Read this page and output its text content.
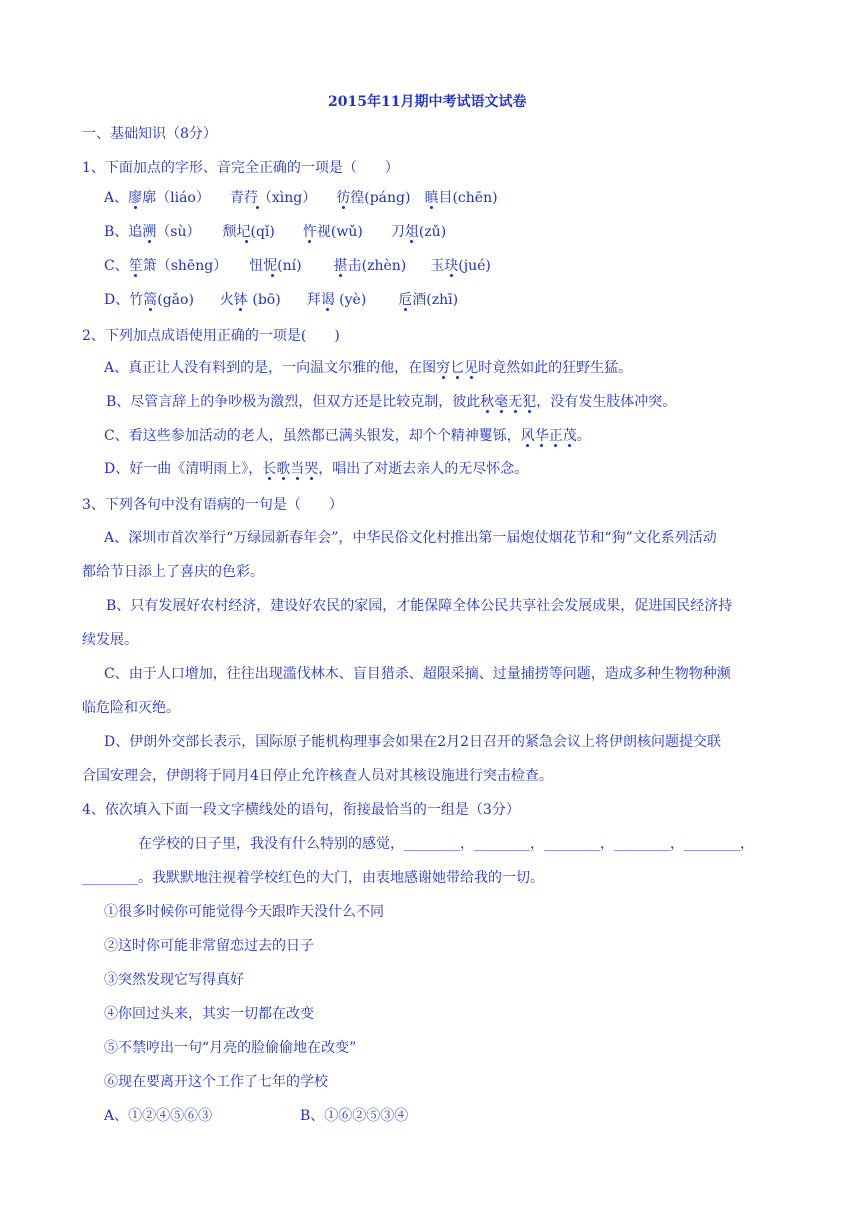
2015年11月期中考试语文试卷
一、基础知识（8分）
1、下面加点的字形、音完全正确的一项是（　　）
A、廖廓（liáo） 青荇（xìng） 彷徨(páng) 瞋目(chēn)
B、追溯（sù） 颓圮(qǐ) 忤视(wǔ) 刀俎(zǔ)
C、笙箫（shēng） 忸怩(ní) 揕击(zhèn) 玉玦(jué)
D、竹篙(gǎo) 火钵 (bō) 拜谒 (yè) 卮酒(zhī)
2、下列加点成语使用正确的一项是(　　)
A、真正让人没有料到的是，一向温文尔雅的他，在图穷匕见时竟然如此的狂野生猛。
B、尽管言辞上的争吵极为激烈，但双方还是比较克制，彼此秋毫无犯，没有发生肢体冲突。
C、看这些参加活动的老人，虽然都已满头银发，却个个精神矍铄，风华正茂。
D、好一曲《清明雨上》，长歌当哭，唱出了对逝去亲人的无尽怀念。
3、下列各句中没有语病的一句是（　　）
A、深圳市首次举行“万绿园新春年会”，中华民俗文化村推出第一届炮仗烟花节和“狗”文化系列活动
都给节日添上了喜庆的色彩。
B、只有发展好农村经济，建设好农民的家园，才能保障全体公民共享社会发展成果，促进国民经济持
续发展。
C、由于人口增加，往往出现滥伐林木、盲目猎杀、超限采摘、过量捕捞等问题，造成多种生物物种濒
临危险和灭绝。
D、伊朗外交部长表示，国际原子能机构理事会如果在2月2日召开的紧急会议上将伊朗核问题提交联
合国安理会，伊朗将于同月4日停止允许核查人员对其核设施进行突击检查。
4、依次填入下面一段文字横线处的语句，衔接最恰当的一组是（3分）
在学校的日子里，我没有什么特别的感觉，________，________，________，________，________，
________。我默默地注视着学校红色的大门，由衷地感谢她带给我的一切。
①很多时候你可能觉得今天跟昨天没什么不同
②这时你可能非常留恋过去的日子
③突然发现它写得真好
④你回过头来，其实一切都在改变
⑤不禁哼出一句“月亮的脸偷偷地在改变”
⑥现在要离开这个工作了七年的学校
A、①②④⑤⑥③	B、①⑥②⑤③④
